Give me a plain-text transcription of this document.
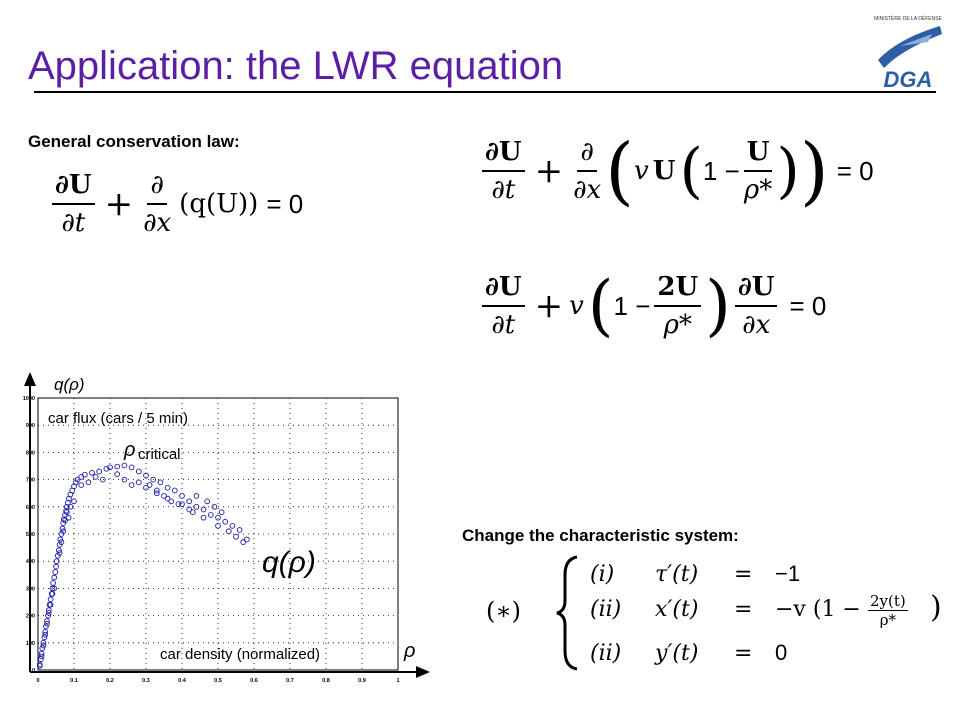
Application: the LWR equation
MINISTÈRE DE LA DÉFENSE
DGA
General conservation law:
$\frac{\partial U}{\partial t} + \frac{\partial}{\partial x} (q(U)) = 0$	$\frac{\partial U}{\partial t} + \frac{\partial}{\partial x}$ ( v U ( $1 - \frac{U}{\rho*}$ ) ) = 0
$\frac{\partial U}{\partial t} + v$ ( $1 - \frac{2U}{\rho*}$ ) $\frac{\partial U}{\partial x} = 0$
Change the characteristic system:
(∗)
(i) τ′(t) = −1
(ii) x′(t) = −v ($1 - \frac{2y(t)}{\rho*}$ )
(ii) y′(t) = 0
0	0.1	0.2	0.3	0.4	0.5	0.6	0.7	0.8	0.9	1
0
100
200
300
400
500
600
700
800
900
1000
q(ρ)
car flux (cars / 5 min)
car density (normalized)	ρ
ρ critical
q(ρ)
